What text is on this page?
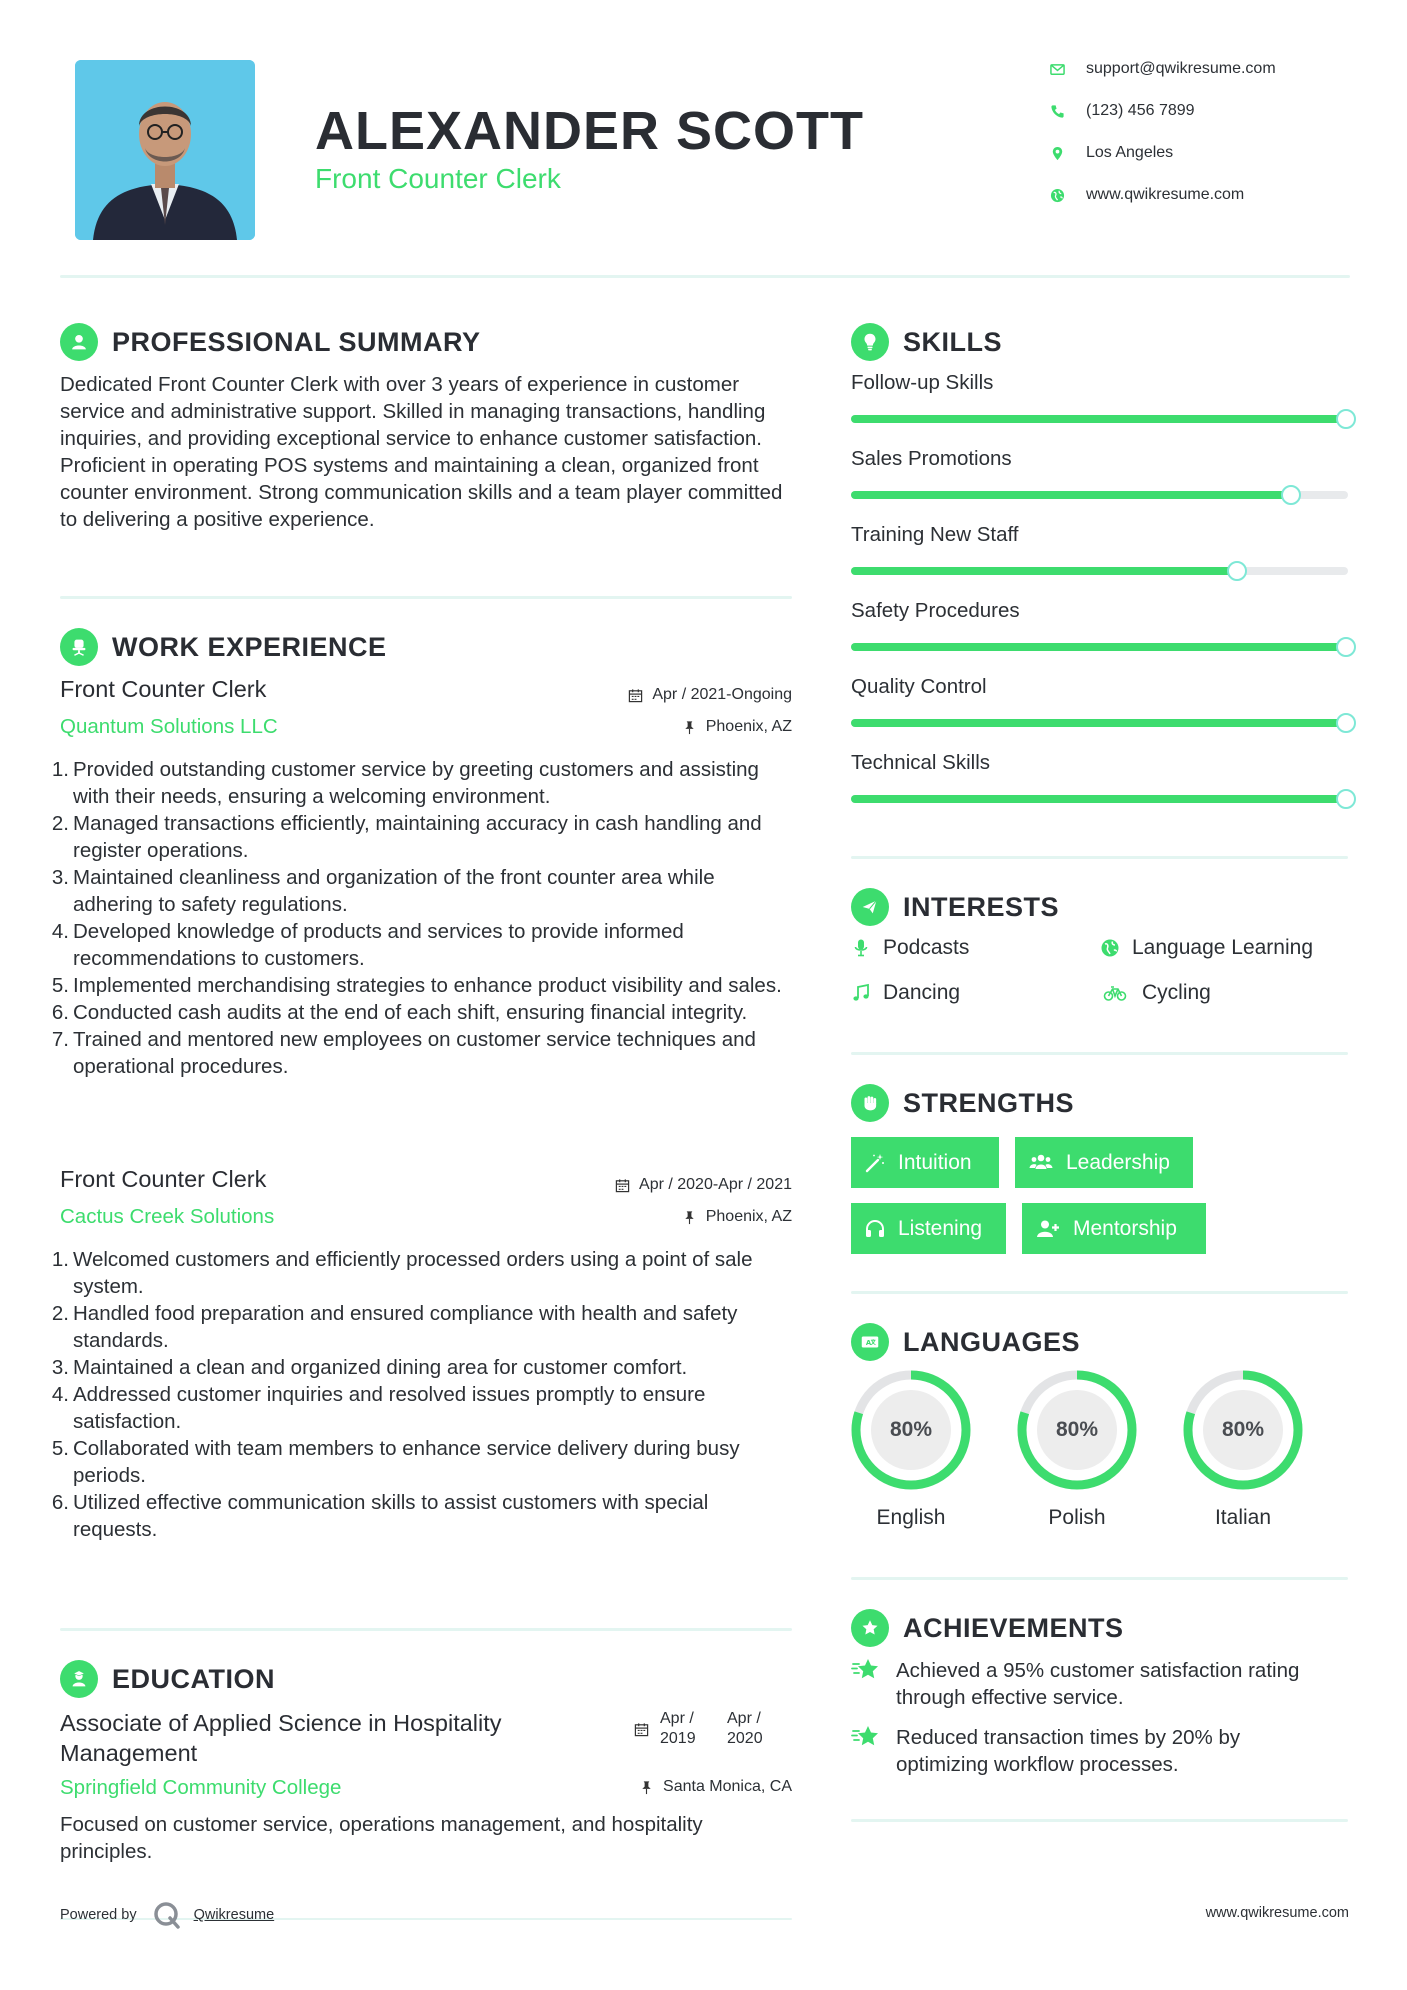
ALEXANDER SCOTT
Front Counter Clerk
support@qwikresume.com
(123) 456 7899
Los Angeles
www.qwikresume.com
PROFESSIONAL SUMMARY
Dedicated Front Counter Clerk with over 3 years of experience in customer service and administrative support. Skilled in managing transactions, handling inquiries, and providing exceptional service to enhance customer satisfaction. Proficient in operating POS systems and maintaining a clean, organized front counter environment. Strong communication skills and a team player committed to delivering a positive experience.
WORK EXPERIENCE
Front Counter Clerk	Apr / 2021-Ongoing
Quantum Solutions LLC	Phoenix, AZ
1. Provided outstanding customer service by greeting customers and assisting with their needs, ensuring a welcoming environment.
2. Managed transactions efficiently, maintaining accuracy in cash handling and register operations.
3. Maintained cleanliness and organization of the front counter area while adhering to safety regulations.
4. Developed knowledge of products and services to provide informed recommendations to customers.
5. Implemented merchandising strategies to enhance product visibility and sales.
6. Conducted cash audits at the end of each shift, ensuring financial integrity.
7. Trained and mentored new employees on customer service techniques and operational procedures.
Front Counter Clerk	Apr / 2020-Apr / 2021
Cactus Creek Solutions	Phoenix, AZ
1. Welcomed customers and efficiently processed orders using a point of sale system.
2. Handled food preparation and ensured compliance with health and safety standards.
3. Maintained a clean and organized dining area for customer comfort.
4. Addressed customer inquiries and resolved issues promptly to ensure satisfaction.
5. Collaborated with team members to enhance service delivery during busy periods.
6. Utilized effective communication skills to assist customers with special requests.
EDUCATION
Associate of Applied Science in Hospitality Management
Apr /
2019
Apr /
2020
Springfield Community College	Santa Monica, CA
Focused on customer service, operations management, and hospitality principles.
SKILLS
Follow-up Skills
Sales Promotions
Training New Staff
Safety Procedures
Quality Control
Technical Skills
INTERESTS
Podcasts	Language Learning
Dancing	Cycling
STRENGTHS
Intuition	Leadership
Listening	Mentorship
A LANGUAGES
80%
English
80%
Polish
80%
Italian
ACHIEVEMENTS
Achieved a 95% customer satisfaction rating through effective service.
Reduced transaction times by 20% by optimizing workflow processes.
Powered by	Qwikresume	www.qwikresume.com
